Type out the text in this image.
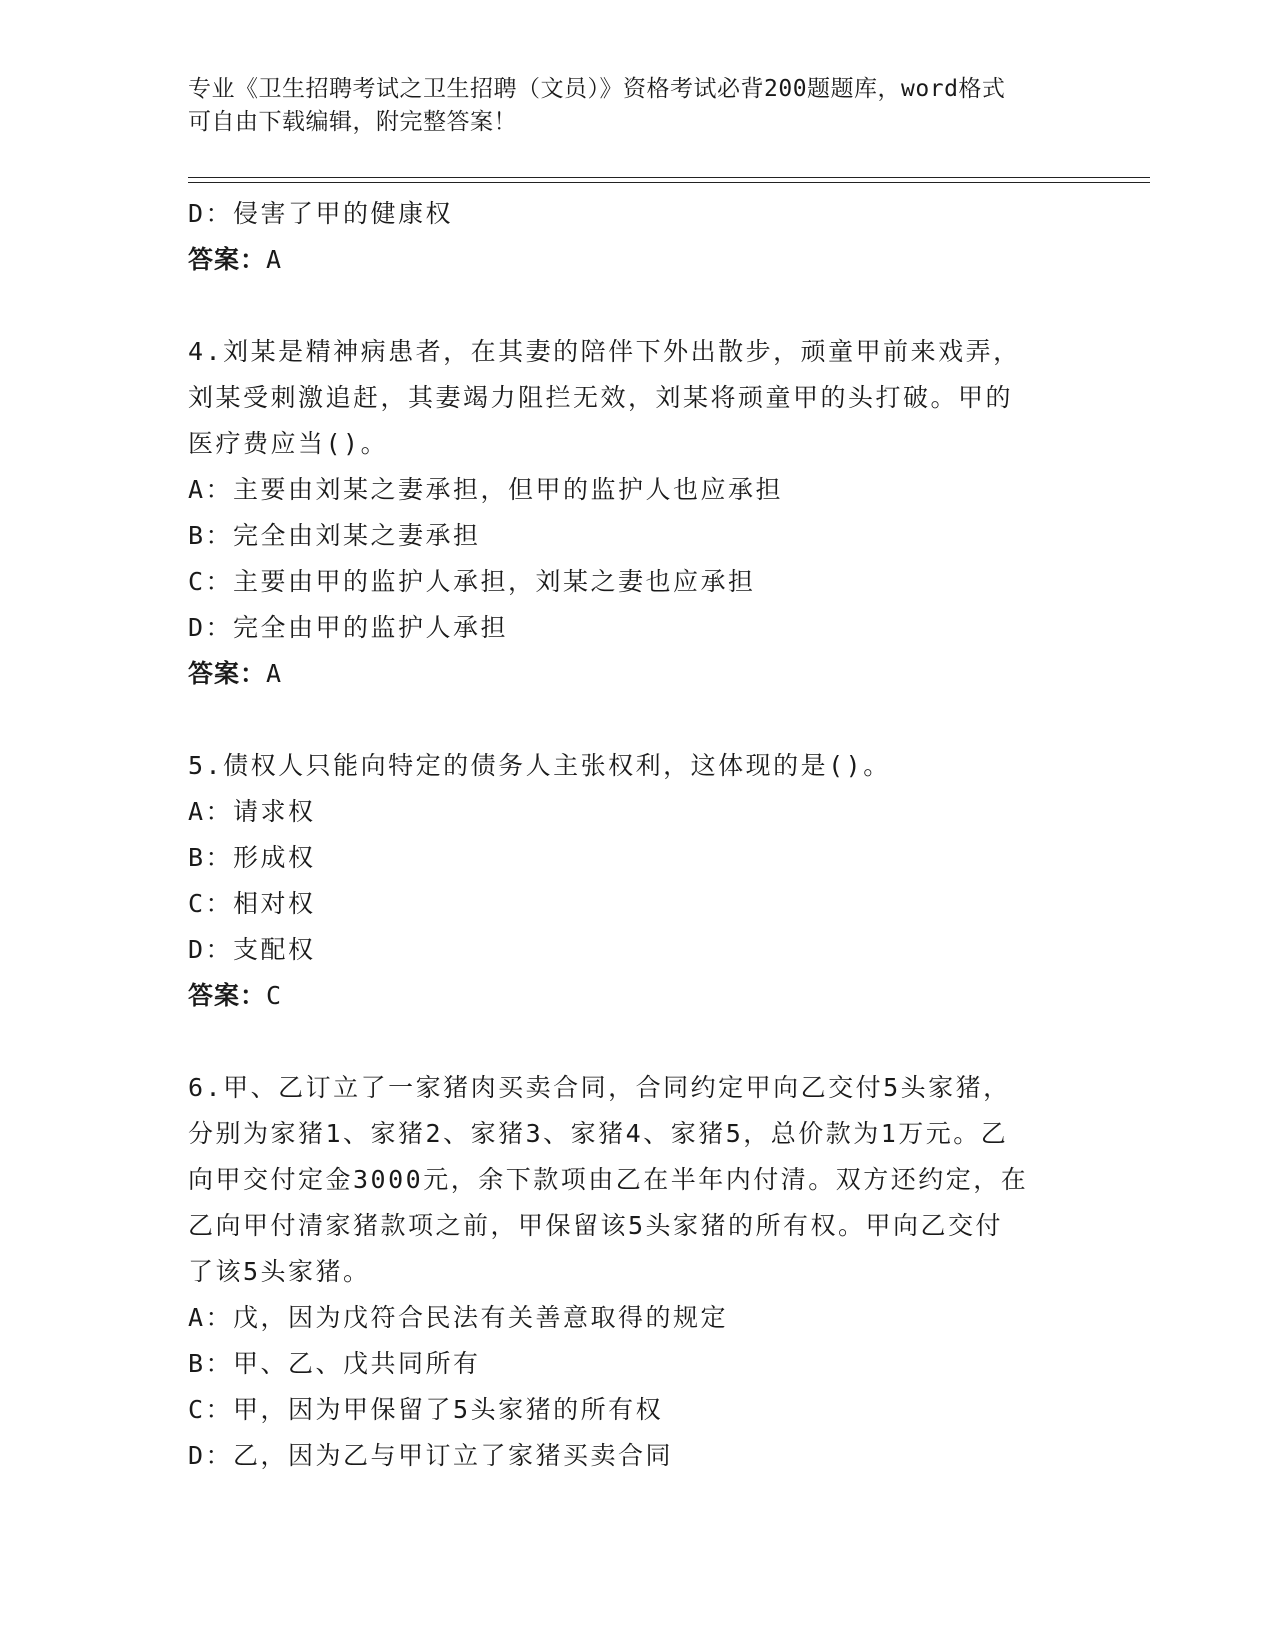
专业《卫生招聘考试之卫生招聘（文员）》资格考试必背200题题库，word格式
可自由下载编辑，附完整答案！
D：侵害了甲的健康权
答案：A
4.刘某是精神病患者，在其妻的陪伴下外出散步，顽童甲前来戏弄，
刘某受刺激追赶，其妻竭力阻拦无效，刘某将顽童甲的头打破。甲的
医疗费应当()。
A：主要由刘某之妻承担，但甲的监护人也应承担
B：完全由刘某之妻承担
C：主要由甲的监护人承担，刘某之妻也应承担
D：完全由甲的监护人承担
答案：A
5.债权人只能向特定的债务人主张权利，这体现的是()。
A：请求权
B：形成权
C：相对权
D：支配权
答案：C
6.甲、乙订立了一家猪肉买卖合同，合同约定甲向乙交付5头家猪，
分别为家猪1、家猪2、家猪3、家猪4、家猪5，总价款为1万元。乙
向甲交付定金3000元，余下款项由乙在半年内付清。双方还约定，在
乙向甲付清家猪款项之前，甲保留该5头家猪的所有权。甲向乙交付
了该5头家猪。
A：戊，因为戊符合民法有关善意取得的规定
B：甲、乙、戊共同所有
C：甲，因为甲保留了5头家猪的所有权
D：乙，因为乙与甲订立了家猪买卖合同
